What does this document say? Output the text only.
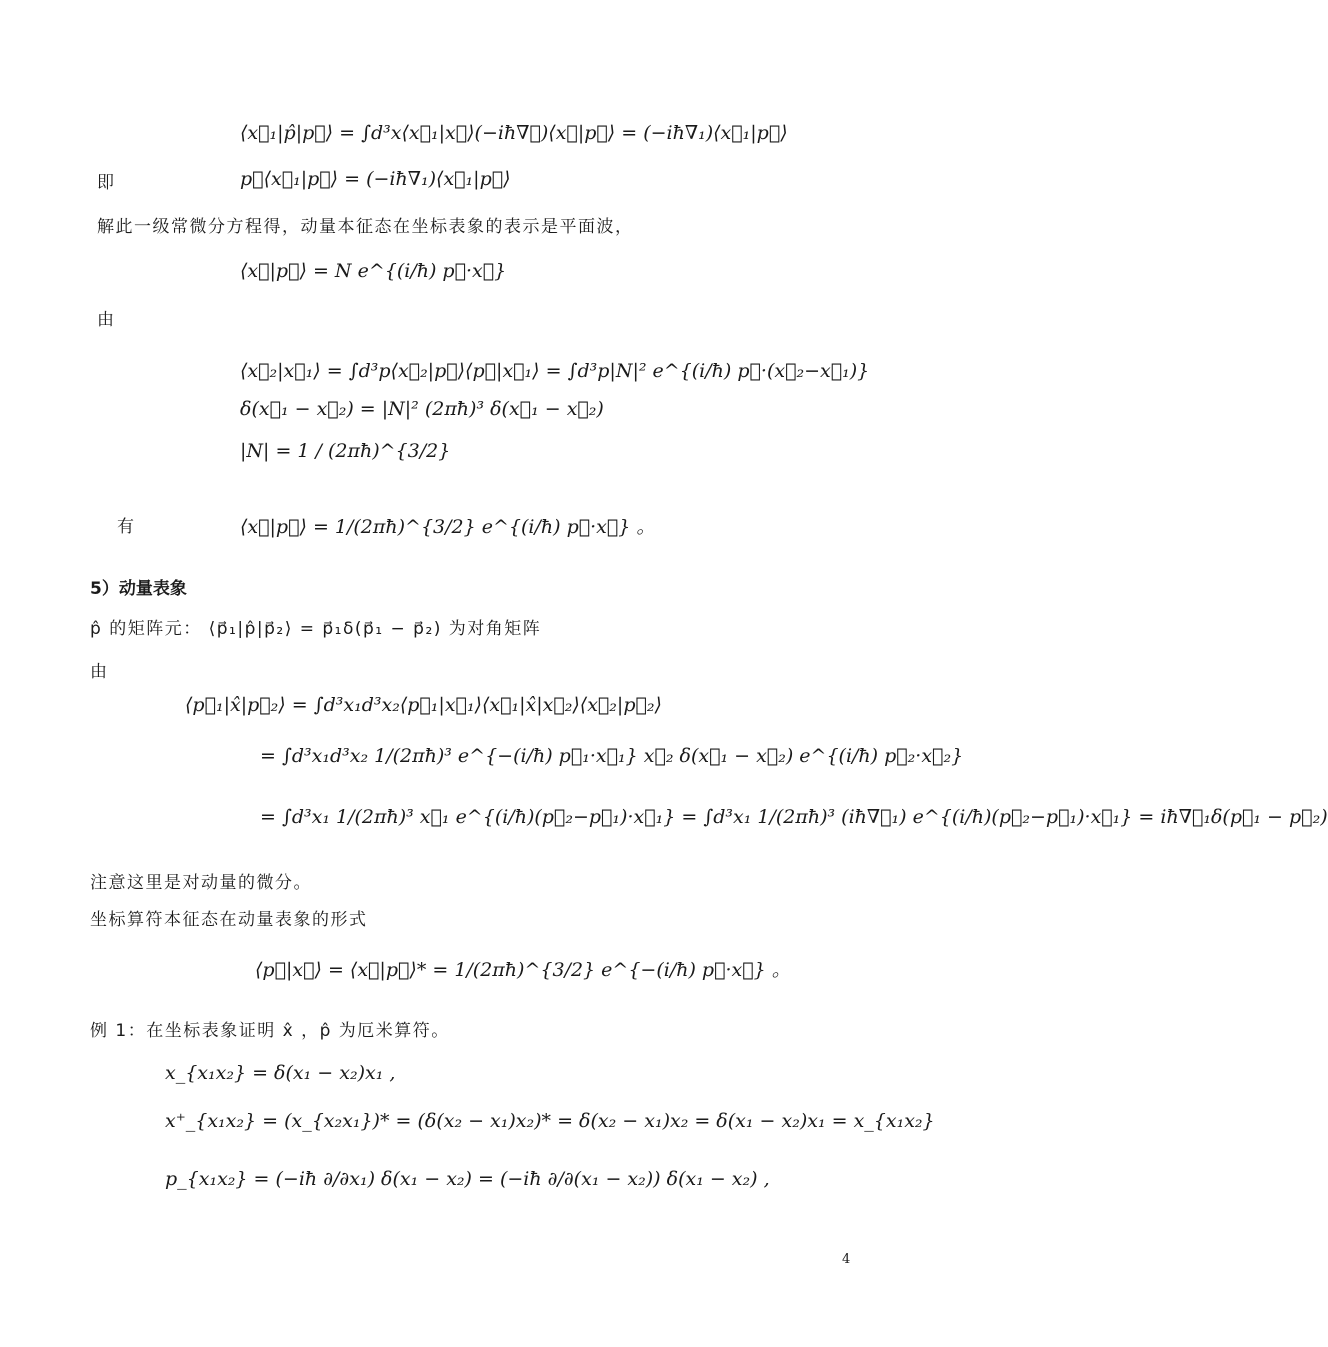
⟨x⃗₁|p̂|p⃗⟩ = ∫d³x⟨x⃗₁|x⃗⟩(−iħ∇⃗)⟨x⃗|p⃗⟩ = (−iħ∇₁)⟨x⃗₁|p⃗⟩
即	p⃗⟨x⃗₁|p⃗⟩ = (−iħ∇₁)⟨x⃗₁|p⃗⟩
解此一级常微分方程得，动量本征态在坐标表象的表示是平面波，
⟨x⃗|p⃗⟩ = N e^{(i/ħ) p⃗·x⃗}
由
⟨x⃗₂|x⃗₁⟩ = ∫d³p⟨x⃗₂|p⃗⟩⟨p⃗|x⃗₁⟩ = ∫d³p|N|² e^{(i/ħ) p⃗·(x⃗₂−x⃗₁)}
δ(x⃗₁ − x⃗₂) = |N|² (2πħ)³ δ(x⃗₁ − x⃗₂)
|N| = 1 / (2πħ)^{3/2}
有	⟨x⃗|p⃗⟩ = 1/(2πħ)^{3/2} e^{(i/ħ) p⃗·x⃗} 。
5）动量表象
p̂ 的矩阵元： ⟨p⃗₁|p̂|p⃗₂⟩ = p⃗₁δ(p⃗₁ − p⃗₂) 为对角矩阵
由
⟨p⃗₁|x̂|p⃗₂⟩ = ∫d³x₁d³x₂⟨p⃗₁|x⃗₁⟩⟨x⃗₁|x̂|x⃗₂⟩⟨x⃗₂|p⃗₂⟩
= ∫d³x₁d³x₂ 1/(2πħ)³ e^{−(i/ħ) p⃗₁·x⃗₁} x⃗₂ δ(x⃗₁ − x⃗₂) e^{(i/ħ) p⃗₂·x⃗₂}
= ∫d³x₁ 1/(2πħ)³ x⃗₁ e^{(i/ħ)(p⃗₂−p⃗₁)·x⃗₁} = ∫d³x₁ 1/(2πħ)³ (iħ∇⃗₁) e^{(i/ħ)(p⃗₂−p⃗₁)·x⃗₁} = iħ∇⃗₁δ(p⃗₁ − p⃗₂)
注意这里是对动量的微分。
坐标算符本征态在动量表象的形式
⟨p⃗|x⃗⟩ = ⟨x⃗|p⃗⟩* = 1/(2πħ)^{3/2} e^{−(i/ħ) p⃗·x⃗} 。
例 1：在坐标表象证明 x̂ ，p̂ 为厄米算符。
x_{x₁x₂} = δ(x₁ − x₂)x₁ ,
x⁺_{x₁x₂} = (x_{x₂x₁})* = (δ(x₂ − x₁)x₂)* = δ(x₂ − x₁)x₂ = δ(x₁ − x₂)x₁ = x_{x₁x₂}
p_{x₁x₂} = (−iħ ∂/∂x₁) δ(x₁ − x₂) = (−iħ ∂/∂(x₁ − x₂)) δ(x₁ − x₂) ,
4
